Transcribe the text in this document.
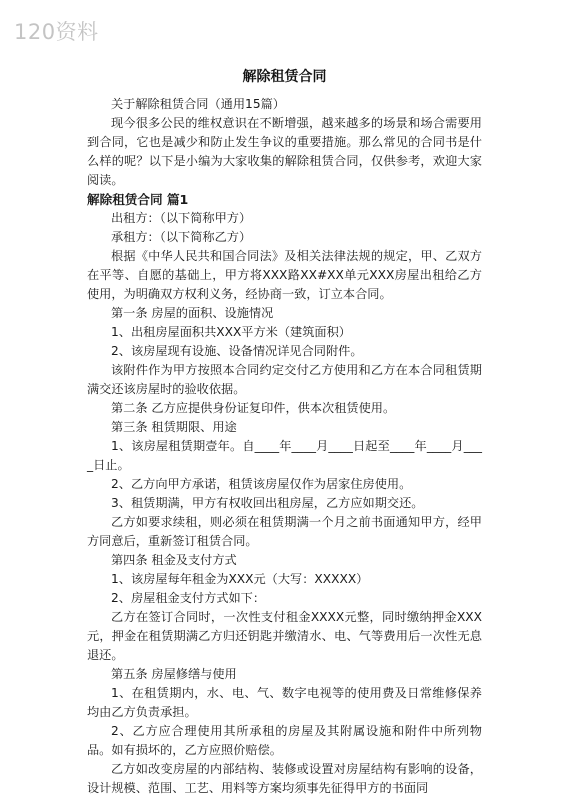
120资料
解除租赁合同

关于解除租赁合同（通用15篇）

现今很多公民的维权意识在不断增强，越来越多的场景和场合需要用到合同，它也是减少和防止发生争议的重要措施。那么常见的合同书是什么样的呢？以下是小编为大家收集的解除租赁合同，仅供参考，欢迎大家阅读。

解除租赁合同 篇1

出租方：（以下简称甲方）

承租方：（以下简称乙方）

根据《中华人民共和国合同法》及相关法律法规的规定，甲、乙双方在平等、自愿的基础上，甲方将XXX路XX#XX单元XXX房屋出租给乙方使用，为明确双方权利义务，经协商一致，订立本合同。

第一条 房屋的面积、设施情况

1、出租房屋面积共XXX平方米（建筑面积）

2、该房屋现有设施、设备情况详见合同附件。

该附件作为甲方按照本合同约定交付乙方使用和乙方在本合同租赁期满交还该房屋时的验收依据。

第二条 乙方应提供身份证复印件，供本次租赁使用。

第三条 租赁期限、用途

1、该房屋租赁期壹年。自____年____月____日起至____年____月____日止。

2、乙方向甲方承诺，租赁该房屋仅作为居家住房使用。

3、租赁期满，甲方有权收回出租房屋，乙方应如期交还。

乙方如要求续租，则必须在租赁期满一个月之前书面通知甲方，经甲方同意后，重新签订租赁合同。

第四条 租金及支付方式

1、该房屋每年租金为XXX元（大写：XXXXX）

2、房屋租金支付方式如下：

乙方在签订合同时，一次性支付租金XXXX元整，同时缴纳押金XXX元，押金在租赁期满乙方归还钥匙并缴清水、电、气等费用后一次性无息退还。

第五条 房屋修缮与使用

1、在租赁期内，水、电、气、数字电视等的使用费及日常维修保养均由乙方负责承担。

2、乙方应合理使用其所承租的房屋及其附属设施和附件中所列物品。如有损坏的，乙方应照价赔偿。

乙方如改变房屋的内部结构、装修或设置对房屋结构有影响的设备，设计规模、范围、工艺、用料等方案均须事先征得甲方的书面同
